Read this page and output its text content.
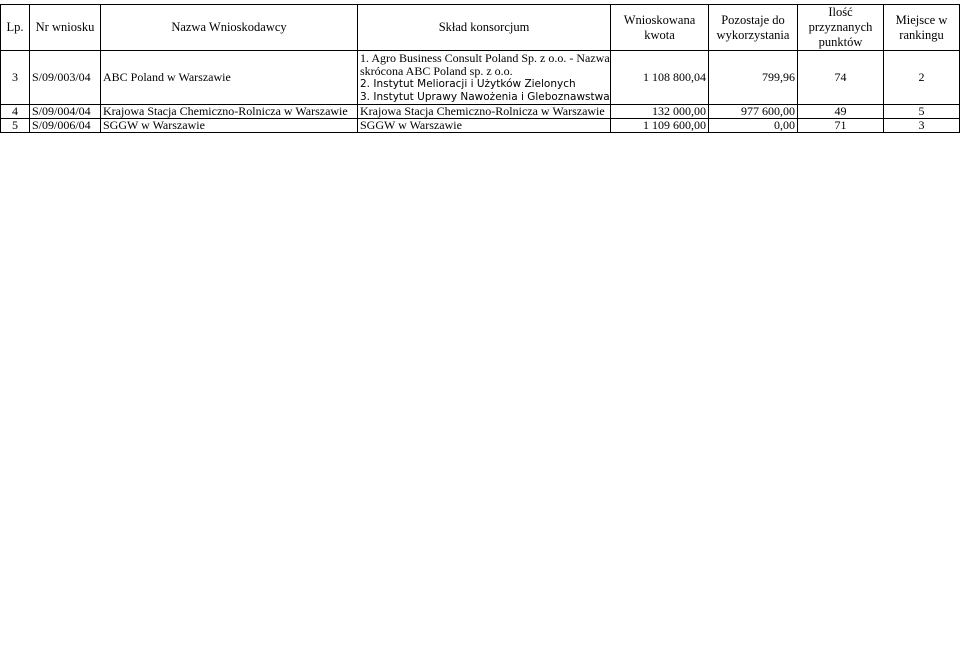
Lp.	Nr wniosku	Nazwa Wnioskodawcy	Skład konsorcjum	Wnioskowana kwota	Pozostaje do wykorzystania	Ilość przyznanych punktów	Miejsce w rankingu
3	S/09/003/04	ABC Poland w Warszawie	1. Agro Business Consult Poland Sp. z o.o. - Nazwa
skrócona ABC Poland sp. z o.o.
2. Instytut Melioracji i Użytków Zielonych
3. Instytut Uprawy Nawożenia i Gleboznawstwa	1 108 800,04	799,96	74	2
4	S/09/004/04	Krajowa Stacja Chemiczno-Rolnicza w Warszawie	Krajowa Stacja Chemiczno-Rolnicza w Warszawie	132 000,00	977 600,00	49	5
5	S/09/006/04	SGGW w Warszawie	SGGW w Warszawie	1 109 600,00	0,00	71	3
